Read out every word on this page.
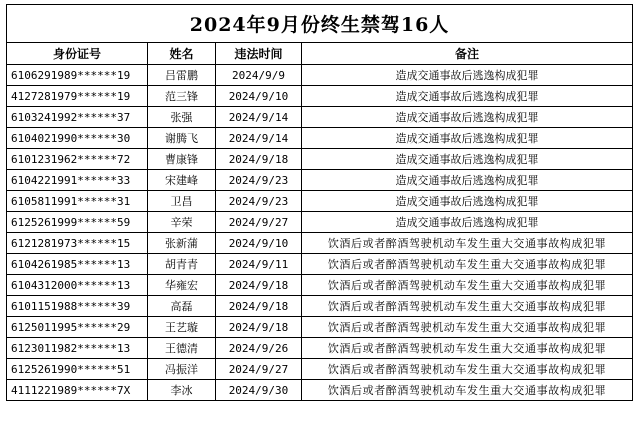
2024年9月份终生禁驾16人			
身份证号	姓名	违法时间	备注
6106291989******19	吕雷鹏	2024/9/9	造成交通事故后逃逸构成犯罪
4127281979******19	范三锋	2024/9/10	造成交通事故后逃逸构成犯罪
6103241992******37	张强	2024/9/14	造成交通事故后逃逸构成犯罪
6104021990******30	谢腾飞	2024/9/14	造成交通事故后逃逸构成犯罪
6101231962******72	曹康锋	2024/9/18	造成交通事故后逃逸构成犯罪
6104221991******33	宋建峰	2024/9/23	造成交通事故后逃逸构成犯罪
6105811991******31	卫昌	2024/9/23	造成交通事故后逃逸构成犯罪
6125261999******59	辛荣	2024/9/27	造成交通事故后逃逸构成犯罪
6121281973******15	张新蒲	2024/9/10	饮酒后或者醉酒驾驶机动车发生重大交通事故构成犯罪
6104261985******13	胡青青	2024/9/11	饮酒后或者醉酒驾驶机动车发生重大交通事故构成犯罪
6104312000******13	华雍宏	2024/9/18	饮酒后或者醉酒驾驶机动车发生重大交通事故构成犯罪
6101151988******39	高磊	2024/9/18	饮酒后或者醉酒驾驶机动车发生重大交通事故构成犯罪
6125011995******29	王艺璇	2024/9/18	饮酒后或者醉酒驾驶机动车发生重大交通事故构成犯罪
6123011982******13	王德清	2024/9/26	饮酒后或者醉酒驾驶机动车发生重大交通事故构成犯罪
6125261990******51	冯振洋	2024/9/27	饮酒后或者醉酒驾驶机动车发生重大交通事故构成犯罪
4111221989******7X	李冰	2024/9/30	饮酒后或者醉酒驾驶机动车发生重大交通事故构成犯罪
